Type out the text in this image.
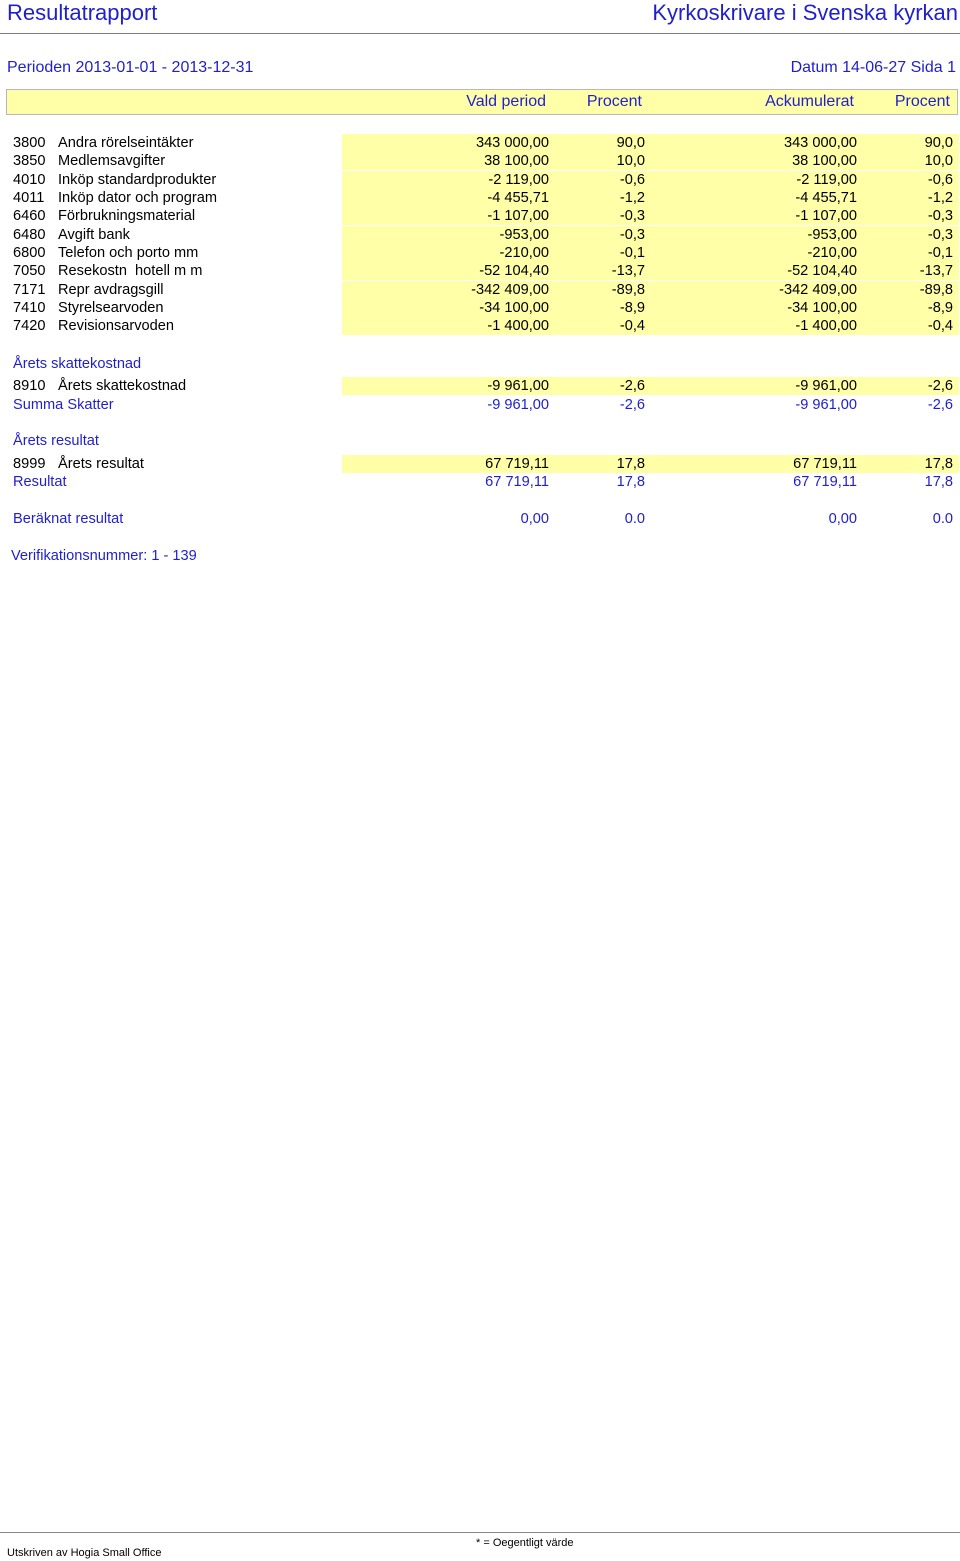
Resultatrapport	Kyrkoskrivare i Svenska kyrkan
Perioden 2013-01-01 - 2013-12-31	Datum 14-06-27 Sida 1
Vald period	Procent	Ackumulerat	Procent
3800 Andra rörelseintäkter	343 000,00	90,0	343 000,00	90,0
3850 Medlemsavgifter	38 100,00	10,0	38 100,00	10,0
4010 Inköp standardprodukter	-2 119,00	-0,6	-2 119,00	-0,6
4011 Inköp dator och program	-4 455,71	-1,2	-4 455,71	-1,2
6460 Förbrukningsmaterial	-1 107,00	-0,3	-1 107,00	-0,3
6480 Avgift bank	-953,00	-0,3	-953,00	-0,3
6800 Telefon och porto mm	-210,00	-0,1	-210,00	-0,1
7050 Resekostn  hotell m m	-52 104,40	-13,7	-52 104,40	-13,7
7171 Repr avdragsgill	-342 409,00	-89,8	-342 409,00	-89,8
7410 Styrelsearvoden	-34 100,00	-8,9	-34 100,00	-8,9
7420 Revisionsarvoden	-1 400,00	-0,4	-1 400,00	-0,4
Årets skattekostnad
8910 Årets skattekostnad	-9 961,00	-2,6	-9 961,00	-2,6
Summa Skatter	-9 961,00	-2,6	-9 961,00	-2,6
Årets resultat
8999 Årets resultat	67 719,11	17,8	67 719,11	17,8
Resultat	67 719,11	17,8	67 719,11	17,8
Beräknat resultat	0,00	0.0	0,00	0.0
Verifikationsnummer: 1 - 139
* = Oegentligt värde
Utskriven av Hogia Small Office
